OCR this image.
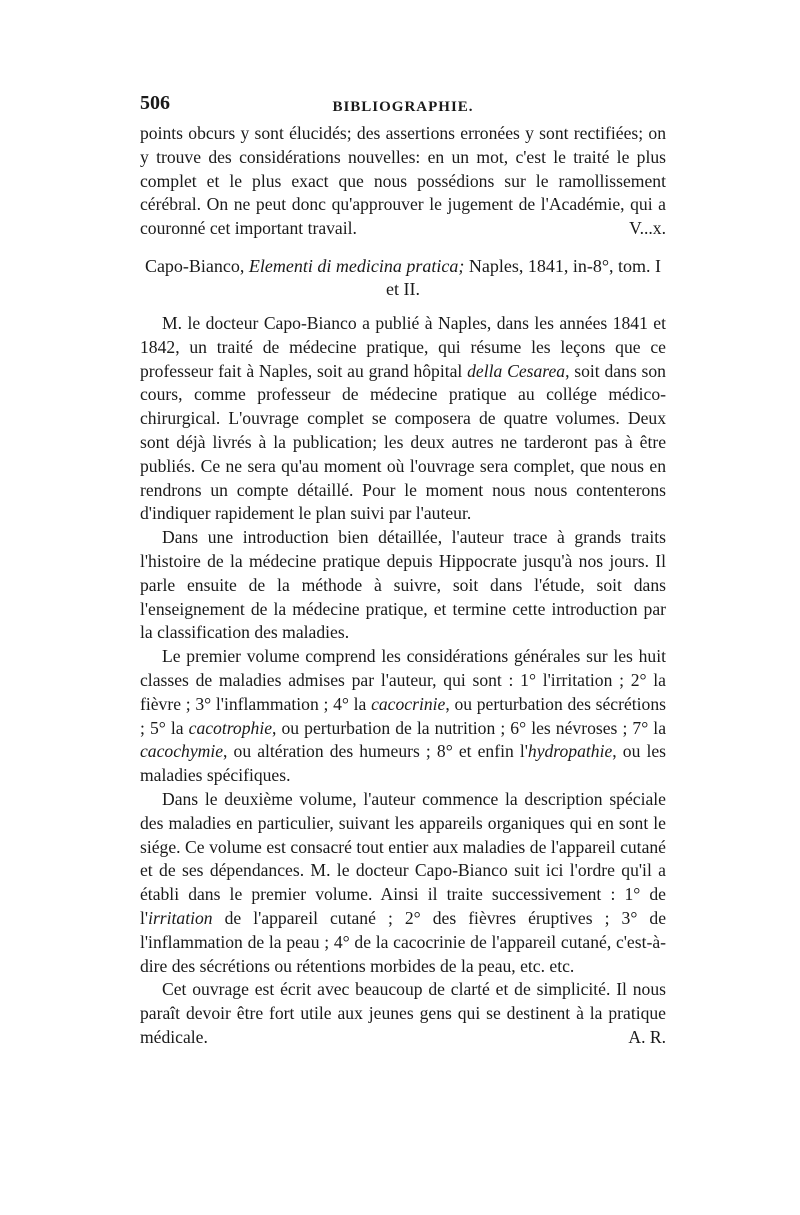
506	BIBLIOGRAPHIE.

points obcurs y sont élucidés; des assertions erronées y sont rectifiées; on y trouve des considérations nouvelles: en un mot, c'est le traité le plus complet et le plus exact que nous possédions sur le ramollissement cérébral. On ne peut donc qu'approuver le jugement de l'Académie, qui a couronné cet important travail.	V...x.

Capo-Bianco, Elementi di medicina pratica; Naples, 1841, in-8°, tom. I et II.

M. le docteur Capo-Bianco a publié à Naples, dans les années 1841 et 1842, un traité de médecine pratique, qui résume les leçons que ce professeur fait à Naples, soit au grand hôpital della Cesarea, soit dans son cours, comme professeur de médecine pratique au collége médico-chirurgical. L'ouvrage complet se composera de quatre volumes. Deux sont déjà livrés à la publication; les deux autres ne tarderont pas à être publiés. Ce ne sera qu'au moment où l'ouvrage sera complet, que nous en rendrons un compte détaillé. Pour le moment nous nous contenterons d'indiquer rapidement le plan suivi par l'auteur.

Dans une introduction bien détaillée, l'auteur trace à grands traits l'histoire de la médecine pratique depuis Hippocrate jusqu'à nos jours. Il parle ensuite de la méthode à suivre, soit dans l'étude, soit dans l'enseignement de la médecine pratique, et termine cette introduction par la classification des maladies.

Le premier volume comprend les considérations générales sur les huit classes de maladies admises par l'auteur, qui sont : 1° l'irritation ; 2° la fièvre ; 3° l'inflammation ; 4° la cacocrinie, ou perturbation des sécrétions ; 5° la cacotrophie, ou perturbation de la nutrition ; 6° les névroses ; 7° la cacochymie, ou altération des humeurs ; 8° et enfin l'hydropathie, ou les maladies spécifiques.

Dans le deuxième volume, l'auteur commence la description spéciale des maladies en particulier, suivant les appareils organiques qui en sont le siége. Ce volume est consacré tout entier aux maladies de l'appareil cutané et de ses dépendances. M. le docteur Capo-Bianco suit ici l'ordre qu'il a établi dans le premier volume. Ainsi il traite successivement : 1° de l'irritation de l'appareil cutané ; 2° des fièvres éruptives ; 3° de l'inflammation de la peau ; 4° de la cacocrinie de l'appareil cutané, c'est-à-dire des sécrétions ou rétentions morbides de la peau, etc. etc.

Cet ouvrage est écrit avec beaucoup de clarté et de simplicité. Il nous paraît devoir être fort utile aux jeunes gens qui se destinent à la pratique médicale.	A. R.
